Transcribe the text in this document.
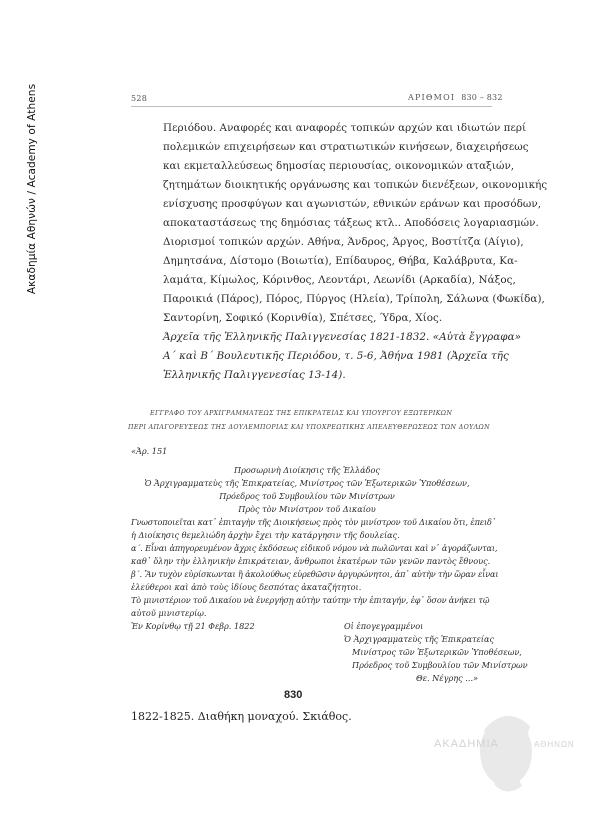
Ακαδημία Αθηνών / Academy of Athens	528	ΑΡΙΘΜΟΙ 830 – 832
Περιόδου. Αναφορές και αναφορές τοπικών αρχών και ιδιωτών περί
πολεμικών επιχειρήσεων και στρατιωτικών κινήσεων, διαχειρήσεως
και εκμεταλλεύσεως δημοσίας περιουσίας, οικονομικών αταξιών,
ζητημάτων διοικητικής οργάνωσης και τοπικών διενέξεων, οικονομικής
ενίσχυσης προσφύγων και αγωνιστών, εθνικών εράνων και προσόδων,
αποκαταστάσεως της δημόσιας τάξεως κτλ.. Αποδόσεις λογαριασμών.
Διορισμοί τοπικών αρχών. Αθήνα, Άνδρος, Άργος, Βοστίτζα (Αίγιο),
Δημητσάνα, Δίστομο (Βοιωτία), Επίδαυρος, Θήβα, Καλάβρυτα, Κα-
λαμάτα, Κίμωλος, Κόρινθος, Λεοντάρι, Λεωνίδι (Αρκαδία), Νάξος,
Παροικιά (Πάρος), Πόρος, Πύργος (Ηλεία), Τρίπολη, Σάλωνα (Φωκίδα),
Σαντορίνη, Σοφικό (Κορινθία), Σπέτσες, Ύδρα, Χίος.
Άρχεῖα τῆς Ἑλληνικῆς Παλιγγενεσίας 1821-1832. «Αὐτὰ ἔγγραφα»
Α΄ καὶ Β΄ Βουλευτικῆς Περιόδου, τ. 5-6, Ἀθήνα 1981 (Ἀρχεῖα τῆς
Ἑλληνικῆς Παλιγγενεσίας 13-14).
ΕΓΓΡΑΦΟ ΤΟΥ ΑΡΧΙΓΡΑΜΜΑΤΕΩΣ ΤΗΣ ΕΠΙΚΡΑΤΕΙΑΣ ΚΑΙ ΥΠΟΥΡΓΟΥ ΕΞΩΤΕΡΙΚΩΝ
ΠΕΡΙ ΑΠΑΓΟΡΕΥΣΕΩΣ ΤΗΣ ΔΟΥΛΕΜΠΟΡΙΑΣ ΚΑΙ ΥΠΟΧΡΕΩΤΙΚΗΣ ΑΠΕΛΕΥΘΕΡΩΣΕΩΣ ΤΩΝ ΔΟΥΛΩΝ
«Ἀρ. 151
Προσωρινὴ Διοίκησις τῆς Ἑλλάδος
Ὁ Ἀρχιγραμματεὺς τῆς Ἐπικρατείας, Μινίστρος τῶν Ἐξωτερικῶν Ὑποθέσεων,
Πρόεδρος τοῦ Συμβουλίου τῶν Μινίστρων
Πρὸς τὸν Μινίστρον τοῦ Δικαίου
Γνωστοποιεῖται κατ᾽ ἐπιταγὴν τῆς Διοικήσεως πρὸς τὸν μινίστρον τοῦ Δικαίου ὅτι, ἐπειδ᾽
ἡ Διοίκησις θεμελιώδη ἀρχὴν ἔχει τὴν κατάργησιν τῆς δουλείας.
α΄. Εἶναι ἀπηγορευμένον ἄχρις ἐκδόσεως εἰδικοῦ νόμου νὰ πωλῶνται καὶ ν᾽ ἀγοράζωνται,
καθ᾽ ὅλην τὴν ἑλληνικὴν ἐπικράτειαν, ἄνθρωποι ἑκατέρων τῶν γενῶν παντὸς ἔθνους.
β΄. Ἂν τυχὸν εὑρίσκωνται ἢ ἀκολούθως εὑρεθῶσιν ἀργυρώνητοι, ἀπ᾽ αὐτὴν τὴν ὥραν εἶναι
ἐλεύθεροι καὶ ἀπὸ τοὺς ἰδίους δεσπότας ἀκαταζήτητοι.
Τὸ μινιστέριον τοῦ Δικαίου νὰ ἐνεργήσῃ αὐτὴν ταύτην τὴν ἐπιταγήν, ἐφ᾽ ὅσον ἀνήκει τῷ
αὐτοῦ μινιστερίῳ.
Ἐν Κορίνθῳ τῇ 21 Φεβρ. 1822	Οἱ ἐπογεγραμμένοι
Ὁ Ἀρχιγραμματεὺς τῆς Ἐπικρατείας
Μινίστρος τῶν Ἐξωτερικῶν Ὑποθέσεων,
Πρόεδρος τοῦ Συμβουλίου τῶν Μινίστρων
Θε. Νέγρης ...»
830
1822-1825. Διαθήκη μοναχού. Σκιάθος.
ΑΚΑΔΗΜΙΑ	ΑΘΗΝΩΝ
